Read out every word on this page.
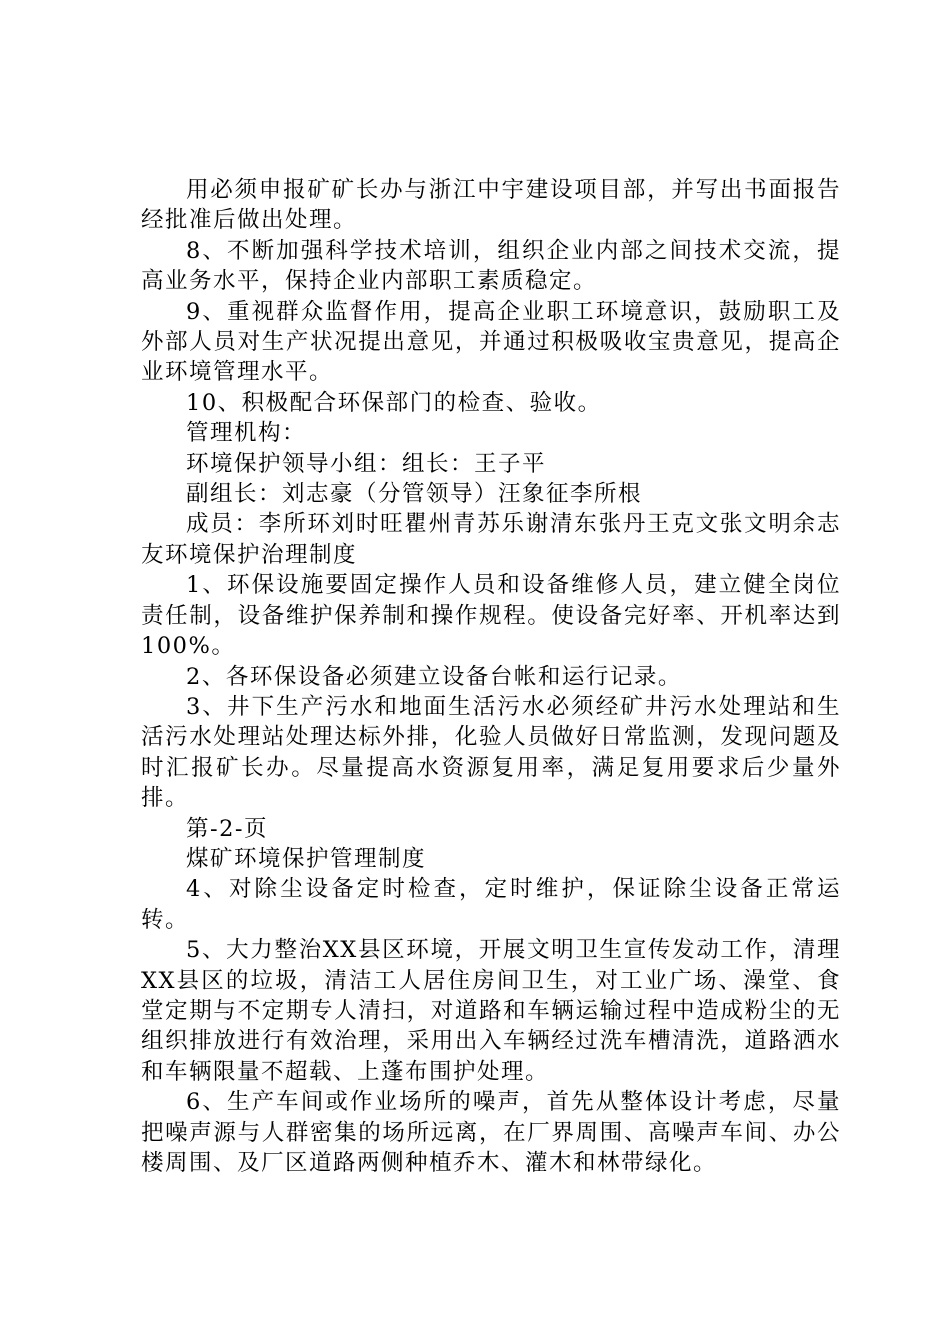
用必须申报矿矿长办与浙江中宇建设项目部，并写出书面报告经批准后做出处理。

8、不断加强科学技术培训，组织企业内部之间技术交流，提高业务水平，保持企业内部职工素质稳定。

9、重视群众监督作用，提高企业职工环境意识，鼓励职工及外部人员对生产状况提出意见，并通过积极吸收宝贵意见，提高企业环境管理水平。

10、积极配合环保部门的检查、验收。

管理机构：

环境保护领导小组：组长：王子平

副组长：刘志豪（分管领导）汪象征李所根

成员：李所环刘时旺瞿州青苏乐谢清东张丹王克文张文明余志友环境保护治理制度

1、环保设施要固定操作人员和设备维修人员，建立健全岗位责任制，设备维护保养制和操作规程。使设备完好率、开机率达到100%。

2、各环保设备必须建立设备台帐和运行记录。

3、井下生产污水和地面生活污水必须经矿井污水处理站和生活污水处理站处理达标外排，化验人员做好日常监测，发现问题及时汇报矿长办。尽量提高水资源复用率，满足复用要求后少量外排。

第-2-页

煤矿环境保护管理制度

4、对除尘设备定时检查，定时维护，保证除尘设备正常运转。

5、大力整治XX县区环境，开展文明卫生宣传发动工作，清理XX县区的垃圾，清洁工人居住房间卫生，对工业广场、澡堂、食堂定期与不定期专人清扫，对道路和车辆运输过程中造成粉尘的无组织排放进行有效治理，采用出入车辆经过洗车槽清洗，道路洒水和车辆限量不超载、上蓬布围护处理。

6、生产车间或作业场所的噪声，首先从整体设计考虑，尽量把噪声源与人群密集的场所远离，在厂界周围、高噪声车间、办公楼周围、及厂区道路两侧种植乔木、灌木和林带绿化。
